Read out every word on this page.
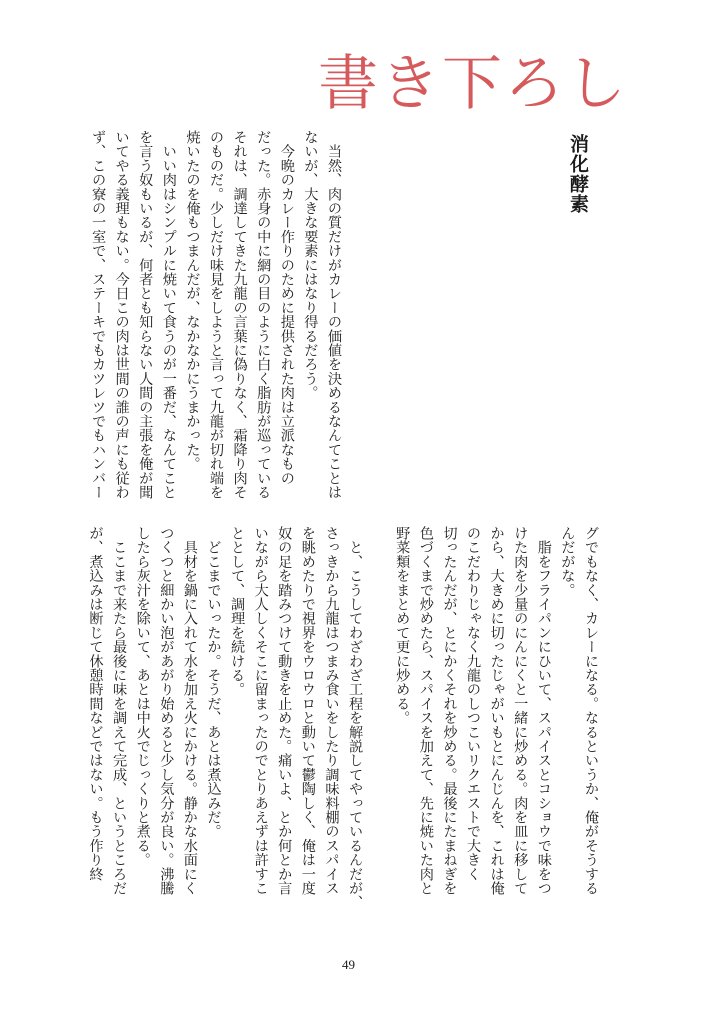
書き下ろし
消化酵素
　当然、肉の質だけがカレーの価値を決めるなんてことは
ないが、大きな要素にはなり得るだろう。
　今晩のカレー作りのために提供された肉は立派なもの
だった。赤身の中に網の目のように白く脂肪が巡っている
それは、調達してきた九龍の言葉に偽りなく、霜降り肉そ
のものだ。少しだけ味見をしようと言って九龍が切れ端を
焼いたのを俺もつまんだが、なかなかにうまかった。
　いい肉はシンプルに焼いて食うのが一番だ、なんてこと
を言う奴もいるが、何者とも知らない人間の主張を俺が聞
いてやる義理もない。今日この肉は世間の誰の声にも従わ
ず、この寮の一室で、ステーキでもカツレツでもハンバー
グでもなく、カレーになる。なるというか、俺がそうする
んだがな。
　脂をフライパンにひいて、スパイスとコショウで味をつ
けた肉を少量のにんにくと一緒に炒める。肉を皿に移して
から、大きめに切ったじゃがいもとにんじんを、これは俺
のこだわりじゃなく九龍のしつこいリクエストで大きく
切ったんだが、とにかくそれを炒める。最後にたまねぎを
色づくまで炒めたら、スパイスを加えて、先に焼いた肉と
野菜類をまとめて更に炒める。
　と、こうしてわざわざ工程を解説してやっているんだが、
さっきから九龍はつまみ食いをしたり調味料棚のスパイス
を眺めたりで視界をウロウロと動いて鬱陶しく、俺は一度
奴の足を踏みつけて動きを止めた。痛いよ、とか何とか言
いながら大人しくそこに留まったのでとりあえずは許すこ
ととして、調理を続ける。
　どこまでいったか。そうだ、あとは煮込みだ。
　具材を鍋に入れて水を加え火にかける。静かな水面にく
つくつと細かい泡があがり始めると少し気分が良い。沸騰
したら灰汁を除いて、あとは中火でじっくりと煮る。
　ここまで来たら最後に味を調えて完成、というところだ
が、煮込みは断じて休憩時間などではない。もう作り終
49
